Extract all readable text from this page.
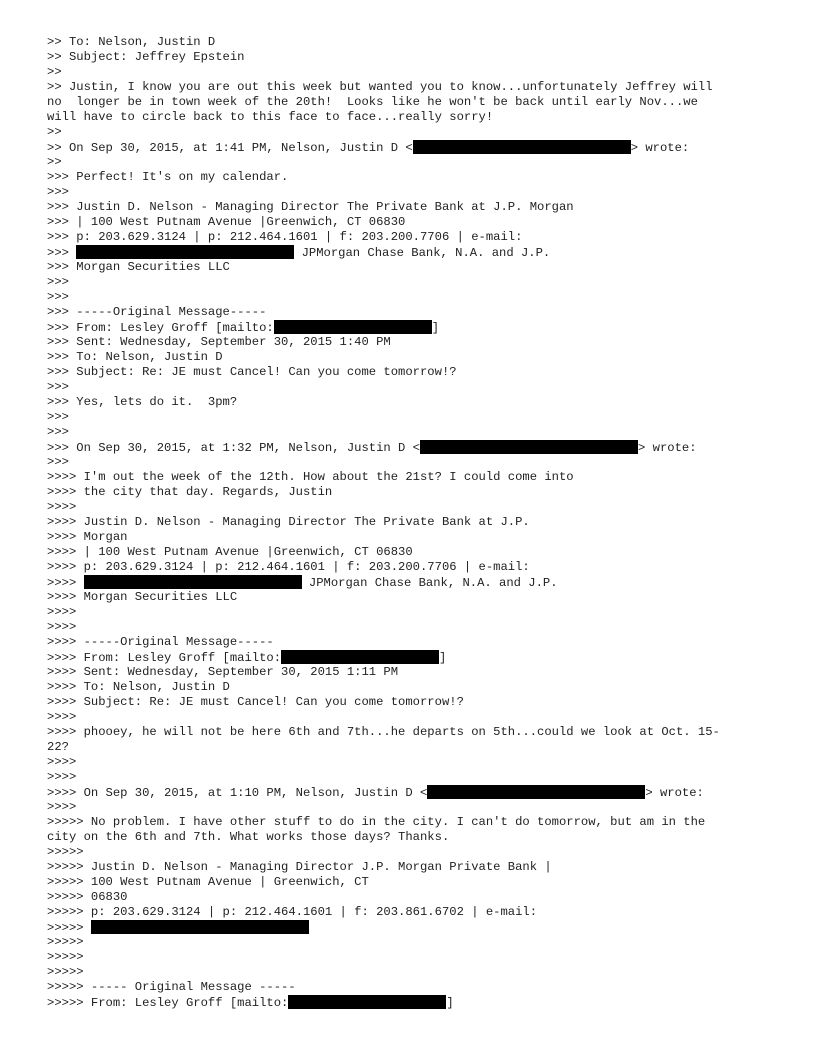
>> To: Nelson, Justin D
>> Subject: Jeffrey Epstein
>>
>> Justin, I know you are out this week but wanted you to know...unfortunately Jeffrey will
no  longer be in town week of the 20th!  Looks like he won't be back until early Nov...we
will have to circle back to this face to face...really sorry!
>>
>> On Sep 30, 2015, at 1:41 PM, Nelson, Justin D <	> wrote:
>>
>>> Perfect! It's on my calendar.
>>>
>>> Justin D. Nelson - Managing Director The Private Bank at J.P. Morgan
>>> | 100 West Putnam Avenue |Greenwich, CT 06830
>>> p: 203.629.3124 | p: 212.464.1601 | f: 203.200.7706 | e-mail:
>>>	JPMorgan Chase Bank, N.A. and J.P.
>>> Morgan Securities LLC
>>>
>>>
>>> -----Original Message-----
>>> From: Lesley Groff [mailto:	]
>>> Sent: Wednesday, September 30, 2015 1:40 PM
>>> To: Nelson, Justin D
>>> Subject: Re: JE must Cancel! Can you come tomorrow!?
>>>
>>> Yes, lets do it.  3pm?
>>>
>>>
>>> On Sep 30, 2015, at 1:32 PM, Nelson, Justin D <	> wrote:
>>>
>>>> I'm out the week of the 12th. How about the 21st? I could come into
>>>> the city that day. Regards, Justin
>>>>
>>>> Justin D. Nelson - Managing Director The Private Bank at J.P.
>>>> Morgan
>>>> | 100 West Putnam Avenue |Greenwich, CT 06830
>>>> p: 203.629.3124 | p: 212.464.1601 | f: 203.200.7706 | e-mail:
>>>>	JPMorgan Chase Bank, N.A. and J.P.
>>>> Morgan Securities LLC
>>>>
>>>>
>>>> -----Original Message-----
>>>> From: Lesley Groff [mailto:	]
>>>> Sent: Wednesday, September 30, 2015 1:11 PM
>>>> To: Nelson, Justin D
>>>> Subject: Re: JE must Cancel! Can you come tomorrow!?
>>>>
>>>> phooey, he will not be here 6th and 7th...he departs on 5th...could we look at Oct. 15-
22?
>>>>
>>>>
>>>> On Sep 30, 2015, at 1:10 PM, Nelson, Justin D <	> wrote:
>>>>
>>>>> No problem. I have other stuff to do in the city. I can't do tomorrow, but am in the
city on the 6th and 7th. What works those days? Thanks.
>>>>>
>>>>> Justin D. Nelson - Managing Director J.P. Morgan Private Bank |
>>>>> 100 West Putnam Avenue | Greenwich, CT
>>>>> 06830
>>>>> p: 203.629.3124 | p: 212.464.1601 | f: 203.861.6702 | e-mail:
>>>>>
>>>>>
>>>>>
>>>>>
>>>>> ----- Original Message -----
>>>>> From: Lesley Groff [mailto:	]
